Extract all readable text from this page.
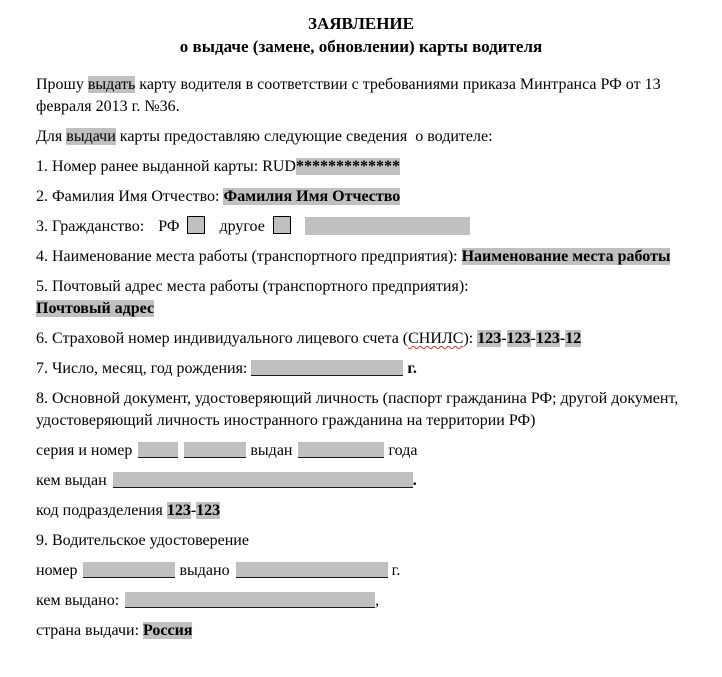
ЗАЯВЛЕНИЕ

о выдаче (замене, обновлении) карты водителя

Прошу выдать карту водителя в соответствии с требованиями приказа Минтранса РФ от 13 февраля 2013 г. №36.

Для выдачи карты предоставляю следующие сведения  о водителе:

1. Номер ранее выданной карты: RUD*************

2. Фамилия Имя Отчество: Фамилия Имя Отчество

3. Гражданство: РФ	другое

4. Наименование места работы (транспортного предприятия): Наименование места работы

5. Почтовый адрес места работы (транспортного предприятия):
Почтовый адрес

6. Страховой номер индивидуального лицевого счета (СНИЛС): 123-123-123-12

7. Число, месяц, год рождения:	г.

8. Основной документ, удостоверяющий личность (паспорт гражданина РФ; другой документ, удостоверяющий личность иностранного гражданина на территории РФ)

серия и номер	выдан	года

кем выдан	.

код подразделения 123-123

9. Водительское удостоверение

номер	выдано	г.

кем выдано:	,

страна выдачи: Россия
